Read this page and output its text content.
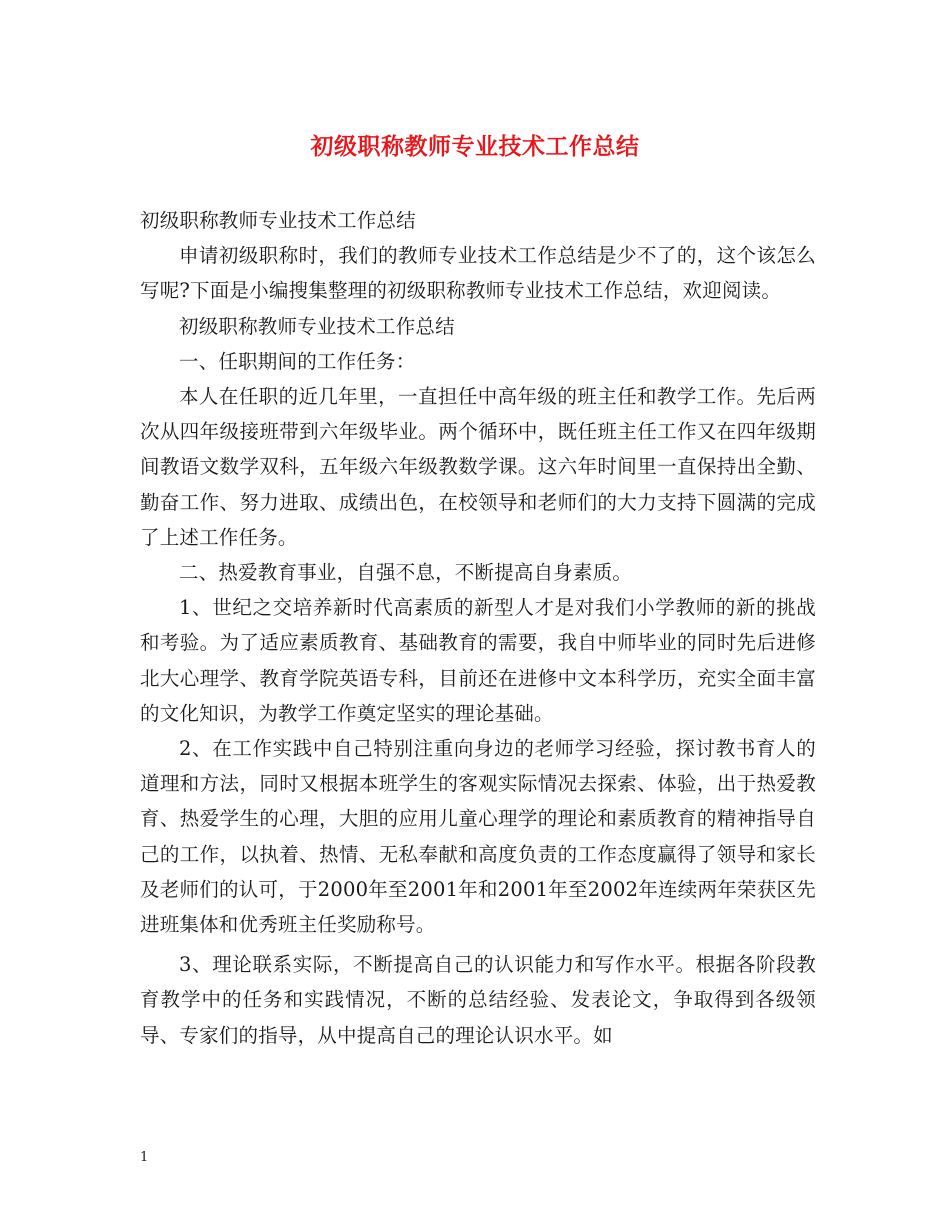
初级职称教师专业技术工作总结

初级职称教师专业技术工作总结

申请初级职称时，我们的教师专业技术工作总结是少不了的，这个该怎么写呢?下面是小编搜集整理的初级职称教师专业技术工作总结，欢迎阅读。

初级职称教师专业技术工作总结

一、任职期间的工作任务：

本人在任职的近几年里，一直担任中高年级的班主任和教学工作。先后两次从四年级接班带到六年级毕业。两个循环中，既任班主任工作又在四年级期间教语文数学双科，五年级六年级教数学课。这六年时间里一直保持出全勤、勤奋工作、努力进取、成绩出色，在校领导和老师们的大力支持下圆满的完成了上述工作任务。

二、热爱教育事业，自强不息，不断提高自身素质。

1、世纪之交培养新时代高素质的新型人才是对我们小学教师的新的挑战和考验。为了适应素质教育、基础教育的需要，我自中师毕业的同时先后进修北大心理学、教育学院英语专科，目前还在进修中文本科学历，充实全面丰富的文化知识，为教学工作奠定坚实的理论基础。

2、在工作实践中自己特别注重向身边的老师学习经验，探讨教书育人的道理和方法，同时又根据本班学生的客观实际情况去探索、体验，出于热爱教育、热爱学生的心理，大胆的应用儿童心理学的理论和素质教育的精神指导自己的工作，以执着、热情、无私奉献和高度负责的工作态度赢得了领导和家长及老师们的认可，于2000年至2001年和2001年至2002年连续两年荣获区先进班集体和优秀班主任奖励称号。

3、理论联系实际，不断提高自己的认识能力和写作水平。根据各阶段教育教学中的任务和实践情况，不断的总结经验、发表论文，争取得到各级领导、专家们的指导，从中提高自己的理论认识水平。如

1
